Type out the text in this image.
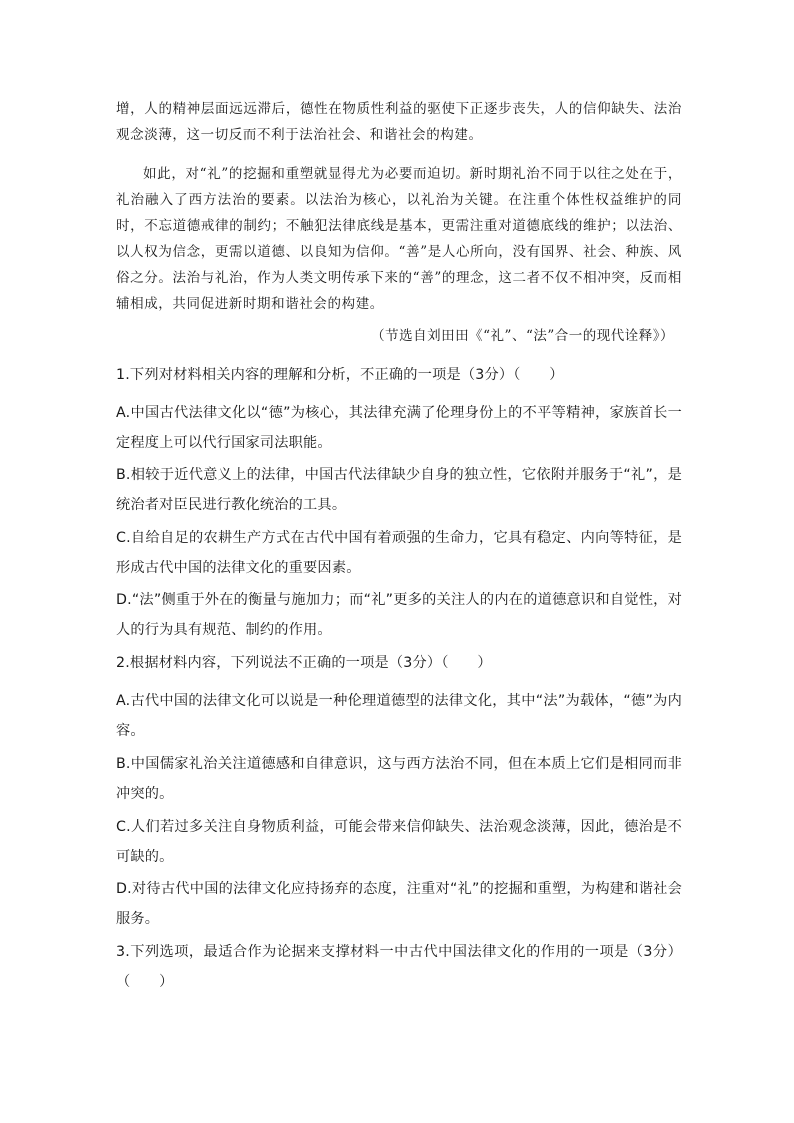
增，人的精神层面远远滞后，德性在物质性利益的驱使下正逐步丧失，人的信仰缺失、法治观念淡薄，这一切反而不利于法治社会、和谐社会的构建。

如此，对“礼”的挖掘和重塑就显得尤为必要而迫切。新时期礼治不同于以往之处在于，礼治融入了西方法治的要素。以法治为核心，以礼治为关键。在注重个体性权益维护的同时，不忘道德戒律的制约；不触犯法律底线是基本，更需注重对道德底线的维护；以法治、以人权为信念，更需以道德、以良知为信仰。“善”是人心所向，没有国界、社会、种族、风俗之分。法治与礼治，作为人类文明传承下来的“善”的理念，这二者不仅不相冲突，反而相辅相成，共同促进新时期和谐社会的构建。

（节选自刘田田《“礼”、“法”合一的现代诠释》）

1.下列对材料相关内容的理解和分析，不正确的一项是（3分）（　　）

A.中国古代法律文化以“德”为核心，其法律充满了伦理身份上的不平等精神，家族首长一定程度上可以代行国家司法职能。

B.相较于近代意义上的法律，中国古代法律缺少自身的独立性，它依附并服务于“礼”，是统治者对臣民进行教化统治的工具。

C.自给自足的农耕生产方式在古代中国有着顽强的生命力，它具有稳定、内向等特征，是形成古代中国的法律文化的重要因素。

D.“法”侧重于外在的衡量与施加力；而“礼”更多的关注人的内在的道德意识和自觉性，对人的行为具有规范、制约的作用。

2.根据材料内容，下列说法不正确的一项是（3分）（　　）

A.古代中国的法律文化可以说是一种伦理道德型的法律文化，其中“法”为载体，“德”为内容。

B.中国儒家礼治关注道德感和自律意识，这与西方法治不同，但在本质上它们是相同而非冲突的。

C.人们若过多关注自身物质利益，可能会带来信仰缺失、法治观念淡薄，因此，德治是不可缺的。

D.对待古代中国的法律文化应持扬弃的态度，注重对“礼”的挖掘和重塑，为构建和谐社会服务。

3.下列选项，最适合作为论据来支撑材料一中古代中国法律文化的作用的一项是（3分）（　　）
